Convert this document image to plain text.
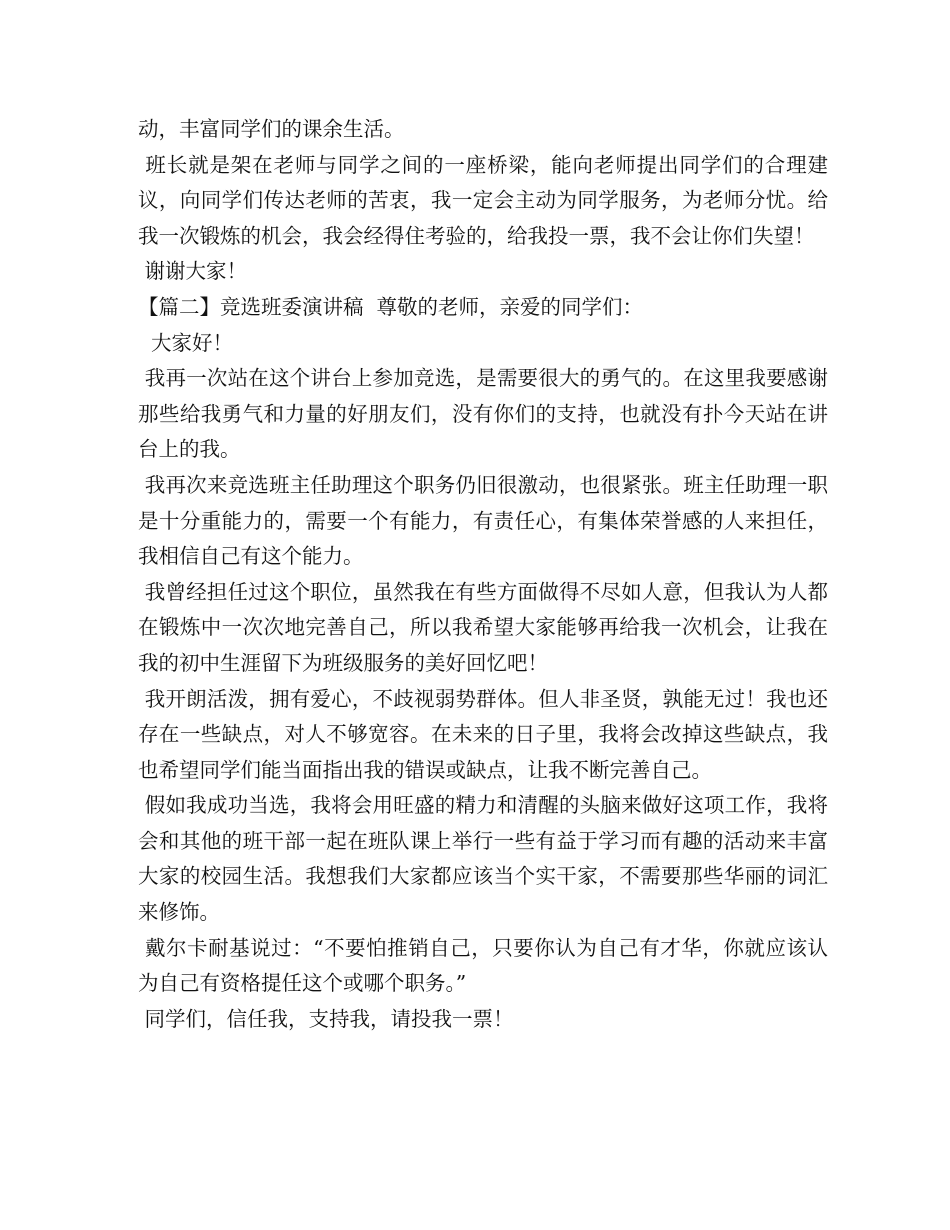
动，丰富同学们的课余生活。

班长就是架在老师与同学之间的一座桥梁，能向老师提出同学们的合理建议，向同学们传达老师的苦衷，我一定会主动为同学服务，为老师分忧。给我一次锻炼的机会，我会经得住考验的，给我投一票，我不会让你们失望！

谢谢大家！

【篇二】竞选班委演讲稿  尊敬的老师，亲爱的同学们：

大家好！

我再一次站在这个讲台上参加竞选，是需要很大的勇气的。在这里我要感谢那些给我勇气和力量的好朋友们，没有你们的支持，也就没有扑今天站在讲台上的我。

我再次来竞选班主任助理这个职务仍旧很激动，也很紧张。班主任助理一职是十分重能力的，需要一个有能力，有责任心，有集体荣誉感的人来担任，我相信自己有这个能力。

我曾经担任过这个职位，虽然我在有些方面做得不尽如人意，但我认为人都在锻炼中一次次地完善自己，所以我希望大家能够再给我一次机会，让我在我的初中生涯留下为班级服务的美好回忆吧！

我开朗活泼，拥有爱心，不歧视弱势群体。但人非圣贤，孰能无过！我也还存在一些缺点，对人不够宽容。在未来的日子里，我将会改掉这些缺点，我也希望同学们能当面指出我的错误或缺点，让我不断完善自己。

假如我成功当选，我将会用旺盛的精力和清醒的头脑来做好这项工作，我将会和其他的班干部一起在班队课上举行一些有益于学习而有趣的活动来丰富大家的校园生活。我想我们大家都应该当个实干家，不需要那些华丽的词汇来修饰。

戴尔卡耐基说过：“不要怕推销自己，只要你认为自己有才华，你就应该认为自己有资格提任这个或哪个职务。”

同学们，信任我，支持我，请投我一票！
